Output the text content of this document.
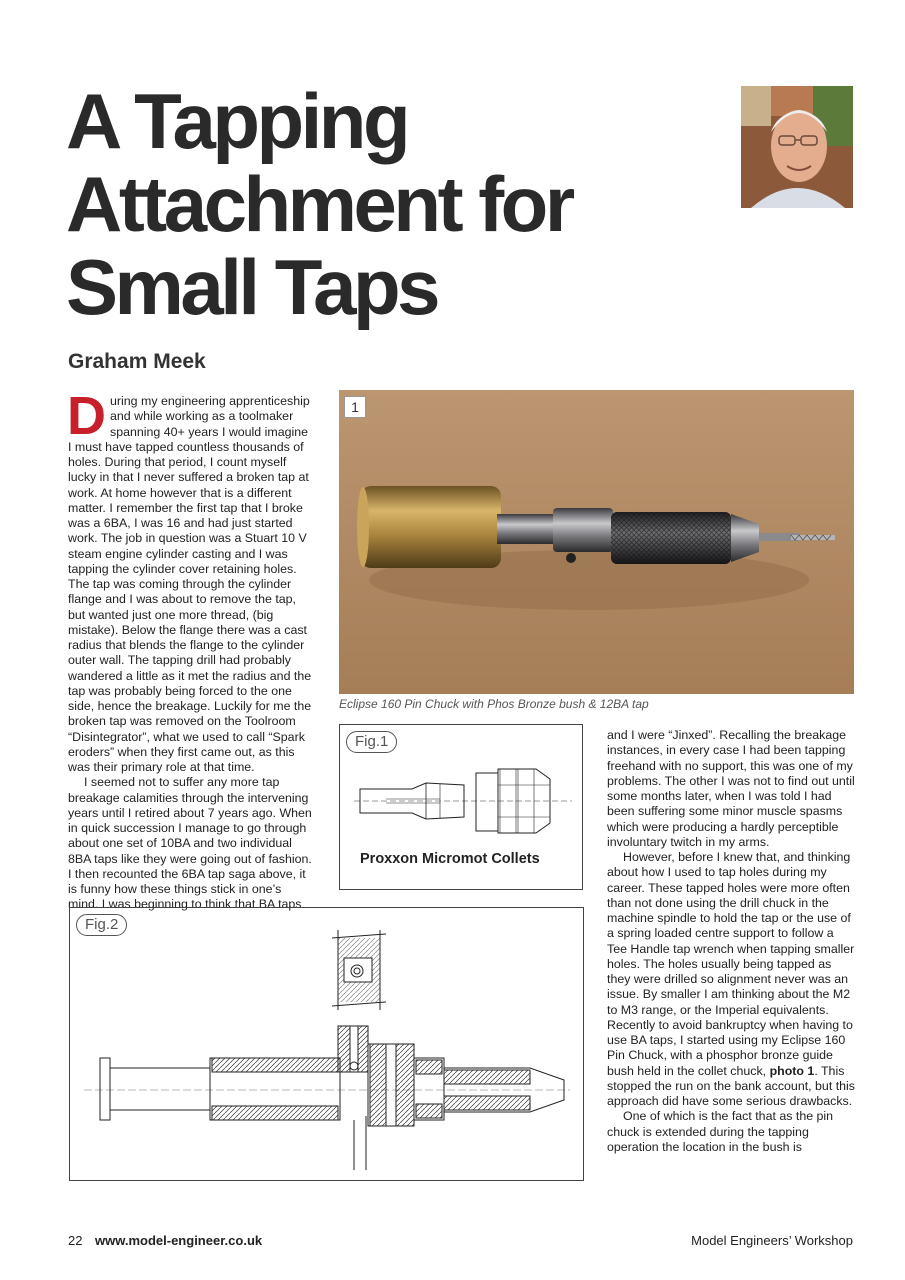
A Tapping
Attachment for
Small Taps
Graham Meek

During my engineering apprenticeship and while working as a toolmaker spanning 40+ years I would imagine I must have tapped countless thousands of holes. During that period, I count myself lucky in that I never suffered a broken tap at work. At home however that is a different matter. I remember the first tap that I broke was a 6BA, I was 16 and had just started work. The job in question was a Stuart 10 V steam engine cylinder casting and I was tapping the cylinder cover retaining holes. The tap was coming through the cylinder flange and I was about to remove the tap, but wanted just one more thread, (big mistake). Below the flange there was a cast radius that blends the flange to the cylinder outer wall. The tapping drill had probably wandered a little as it met the radius and the tap was probably being forced to the one side, hence the breakage. Luckily for me the broken tap was removed on the Toolroom “Disintegrator”, what we used to call “Spark eroders” when they first came out, as this was their primary role at that time.

I seemed not to suffer any more tap breakage calamities through the intervening years until I retired about 7 years ago. When in quick succession I manage to go through about one set of 10BA and two individual 8BA taps like they were going out of fashion. I then recounted the 6BA tap saga above, it is funny how these things stick in one’s mind. I was beginning to think that BA taps

1
Eclipse 160 Pin Chuck with Phos Bronze bush & 12BA tap
Fig.1
Proxxon Micromot Collets
Fig.2

and I were “Jinxed”. Recalling the breakage instances, in every case I had been tapping freehand with no support, this was one of my problems. The other I was not to find out until some months later, when I was told I had been suffering some minor muscle spasms which were producing a hardly perceptible involuntary twitch in my arms.

However, before I knew that, and thinking about how I used to tap holes during my career. These tapped holes were more often than not done using the drill chuck in the machine spindle to hold the tap or the use of a spring loaded centre support to follow a Tee Handle tap wrench when tapping smaller holes. The holes usually being tapped as they were drilled so alignment never was an issue. By smaller I am thinking about the M2 to M3 range, or the Imperial equivalents. Recently to avoid bankruptcy when having to use BA taps, I started using my Eclipse 160 Pin Chuck, with a phosphor bronze guide bush held in the collet chuck, photo 1. This stopped the run on the bank account, but this approach did have some serious drawbacks.

One of which is the fact that as the pin chuck is extended during the tapping operation the location in the bush is

22 www.model-engineer.co.uk	Model Engineers’ Workshop
